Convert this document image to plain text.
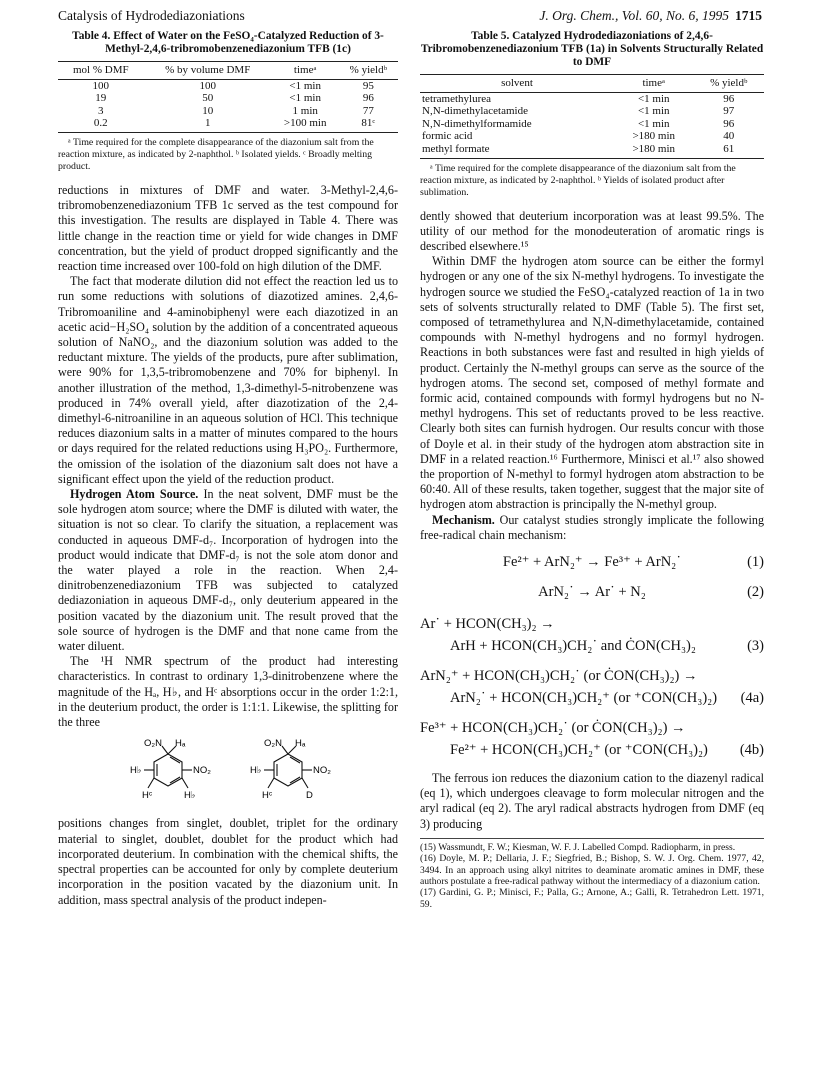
Catalysis of Hydrodediazoniations	J. Org. Chem., Vol. 60, No. 6, 1995 1715
Table 4. Effect of Water on the FeSO₄-Catalyzed Reduction of 3-Methyl-2,4,6-tribromobenzenediazonium TFB (1c)
mol % DMF	% by volume DMF	timeᵃ	% yieldᵇ
100	100	<1 min	95
19	50	<1 min	96
3	10	1 min	77
0.2	1	>100 min	81ᶜ

ᵃ Time required for the complete disappearance of the diazonium salt from the reaction mixture, as indicated by 2-naphthol. ᵇ Isolated yields. ᶜ Broadly melting product.

reductions in mixtures of DMF and water. 3-Methyl-2,4,6-tribromobenzenediazonium TFB 1c served as the test compound for this investigation. The results are displayed in Table 4. There was little change in the reaction time or yield for wide changes in DMF concentration, but the yield of product dropped significantly and the reaction time increased over 100-fold on high dilution of the DMF.

The fact that moderate dilution did not effect the reaction led us to run some reductions with solutions of diazotized amines. 2,4,6-Tribromoaniline and 4-aminobiphenyl were each diazotized in an acetic acid−H₂SO₄ solution by the addition of a concentrated aqueous solution of NaNO₂, and the diazonium solution was added to the reductant mixture. The yields of the products, pure after sublimation, were 90% for 1,3,5-tribromobenzene and 70% for biphenyl. In another illustration of the method, 1,3-dimethyl-5-nitrobenzene was produced in 74% overall yield, after diazotization of the 2,4-dimethyl-6-nitroaniline in an aqueous solution of HCl. This technique reduces diazonium salts in a matter of minutes compared to the hours or days required for the related reductions using H₃PO₂. Furthermore, the omission of the isolation of the diazonium salt does not have a significant effect upon the yield of the reduction product.

Hydrogen Atom Source. In the neat solvent, DMF must be the sole hydrogen atom source; where the DMF is diluted with water, the situation is not so clear. To clarify the situation, a replacement was conducted in aqueous DMF-d₇. Incorporation of hydrogen into the product would indicate that DMF-d₇ is not the sole atom donor and the water played a role in the reaction. When 2,4-dinitrobenzenediazonium TFB was subjected to catalyzed dediazoniation in aqueous DMF-d₇, only deuterium appeared in the position vacated by the diazonium unit. The result proved that the sole source of hydrogen is the DMF and that none came from the water diluent.

The ¹H NMR spectrum of the product had interesting characteristics. In contrast to ordinary 1,3-dinitrobenzene where the magnitude of the Hₐ, H♭, and Hᶜ absorptions occur in the order 1:2:1, in the deuterium product, the order is 1:1:1. Likewise, the splitting for the three

O₂N Hₐ
NO₂
H♭
Hᶜ	H♭
O₂N Hₐ
NO₂
H♭
Hᶜ	D

positions changes from singlet, doublet, triplet for the ordinary material to singlet, doublet, doublet for the product which had incorporated deuterium. In combination with the chemical shifts, the spectral properties can be accounted for only by complete deuterium incorporation in the position vacated by the diazonium unit. In addition, mass spectral analysis of the product indepen-

Table 5. Catalyzed Hydrodediazoniations of 2,4,6-Tribromobenzenediazonium TFB (1a) in Solvents Structurally Related to DMF
solvent	timeᵃ	% yieldᵇ
tetramethylurea	<1 min	96
N,N-dimethylacetamide	<1 min	97
N,N-dimethylformamide	<1 min	96
formic acid	>180 min	40
methyl formate	>180 min	61

ᵃ Time required for the complete disappearance of the diazonium salt from the reaction mixture, as indicated by 2-naphthol. ᵇ Yields of isolated product after sublimation.

dently showed that deuterium incorporation was at least 99.5%. The utility of our method for the monodeuteration of aromatic rings is described elsewhere.¹⁵

Within DMF the hydrogen atom source can be either the formyl hydrogen or any one of the six N-methyl hydrogens. To investigate the hydrogen source we studied the FeSO₄-catalyzed reaction of 1a in two sets of solvents structurally related to DMF (Table 5). The first set, composed of tetramethylurea and N,N-dimethylacetamide, contained compounds with N-methyl hydrogens and no formyl hydrogen. Reactions in both substances were fast and resulted in high yields of product. Certainly the N-methyl groups can serve as the source of the hydrogen atoms. The second set, composed of methyl formate and formic acid, contained compounds with formyl hydrogens but no N-methyl hydrogens. This set of reductants proved to be less reactive. Clearly both sites can furnish hydrogen. Our results concur with those of Doyle et al. in their study of the hydrogen atom abstraction site in DMF in a related reaction.¹⁶ Furthermore, Minisci et al.¹⁷ also showed the proportion of N-methyl to formyl hydrogen atom abstraction to be 60:40. All of these results, taken together, suggest that the major site of hydrogen atom abstraction is principally the N-methyl group.

Mechanism. Our catalyst studies strongly implicate the following free-radical chain mechanism:

Fe²⁺ + ArN₂⁺ → Fe³⁺ + ArN₂˙	(1)
ArN₂˙ → Ar˙ + N₂	(2)
Ar˙ + HCON(CH₃)₂ →
ArH + HCON(CH₃)CH₂˙ and ĊON(CH₃)₂	(3)
ArN₂⁺ + HCON(CH₃)CH₂˙ (or ĊON(CH₃)₂) →
ArN₂˙ + HCON(CH₃)CH₂⁺ (or ⁺CON(CH₃)₂)	(4a)
Fe³⁺ + HCON(CH₃)CH₂˙ (or ĊON(CH₃)₂) →
Fe²⁺ + HCON(CH₃)CH₂⁺ (or ⁺CON(CH₃)₂)	(4b)

The ferrous ion reduces the diazonium cation to the diazenyl radical (eq 1), which undergoes cleavage to form molecular nitrogen and the aryl radical (eq 2). The aryl radical abstracts hydrogen from DMF (eq 3) producing

(15) Wassmundt, F. W.; Kiesman, W. F. J. Labelled Compd. Radiopharm, in press.

(16) Doyle, M. P.; Dellaria, J. F.; Siegfried, B.; Bishop, S. W. J. Org. Chem. 1977, 42, 3494. In an approach using alkyl nitrites to deaminate aromatic amines in DMF, these authors postulate a free-radical pathway without the intermediacy of a diazonium cation.

(17) Gardini, G. P.; Minisci, F.; Palla, G.; Arnone, A.; Galli, R. Tetrahedron Lett. 1971, 59.
